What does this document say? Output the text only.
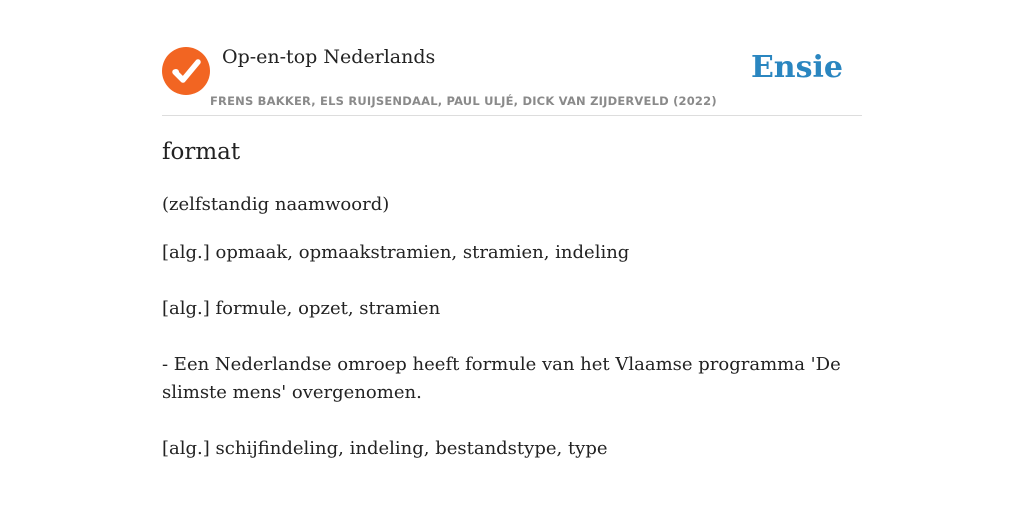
Op-en-top Nederlands
FRENS BAKKER, ELS RUIJSENDAAL, PAUL ULJÉ, DICK VAN ZIJDERVELD (2022)
Ensie
format
(zelfstandig naamwoord)
[alg.] opmaak, opmaakstramien, stramien, indeling
[alg.] formule, opzet, stramien
- Een Nederlandse omroep heeft formule van het Vlaamse programma 'De slimste mens' overgenomen.
[alg.] schijfindeling, indeling, bestandstype, type
